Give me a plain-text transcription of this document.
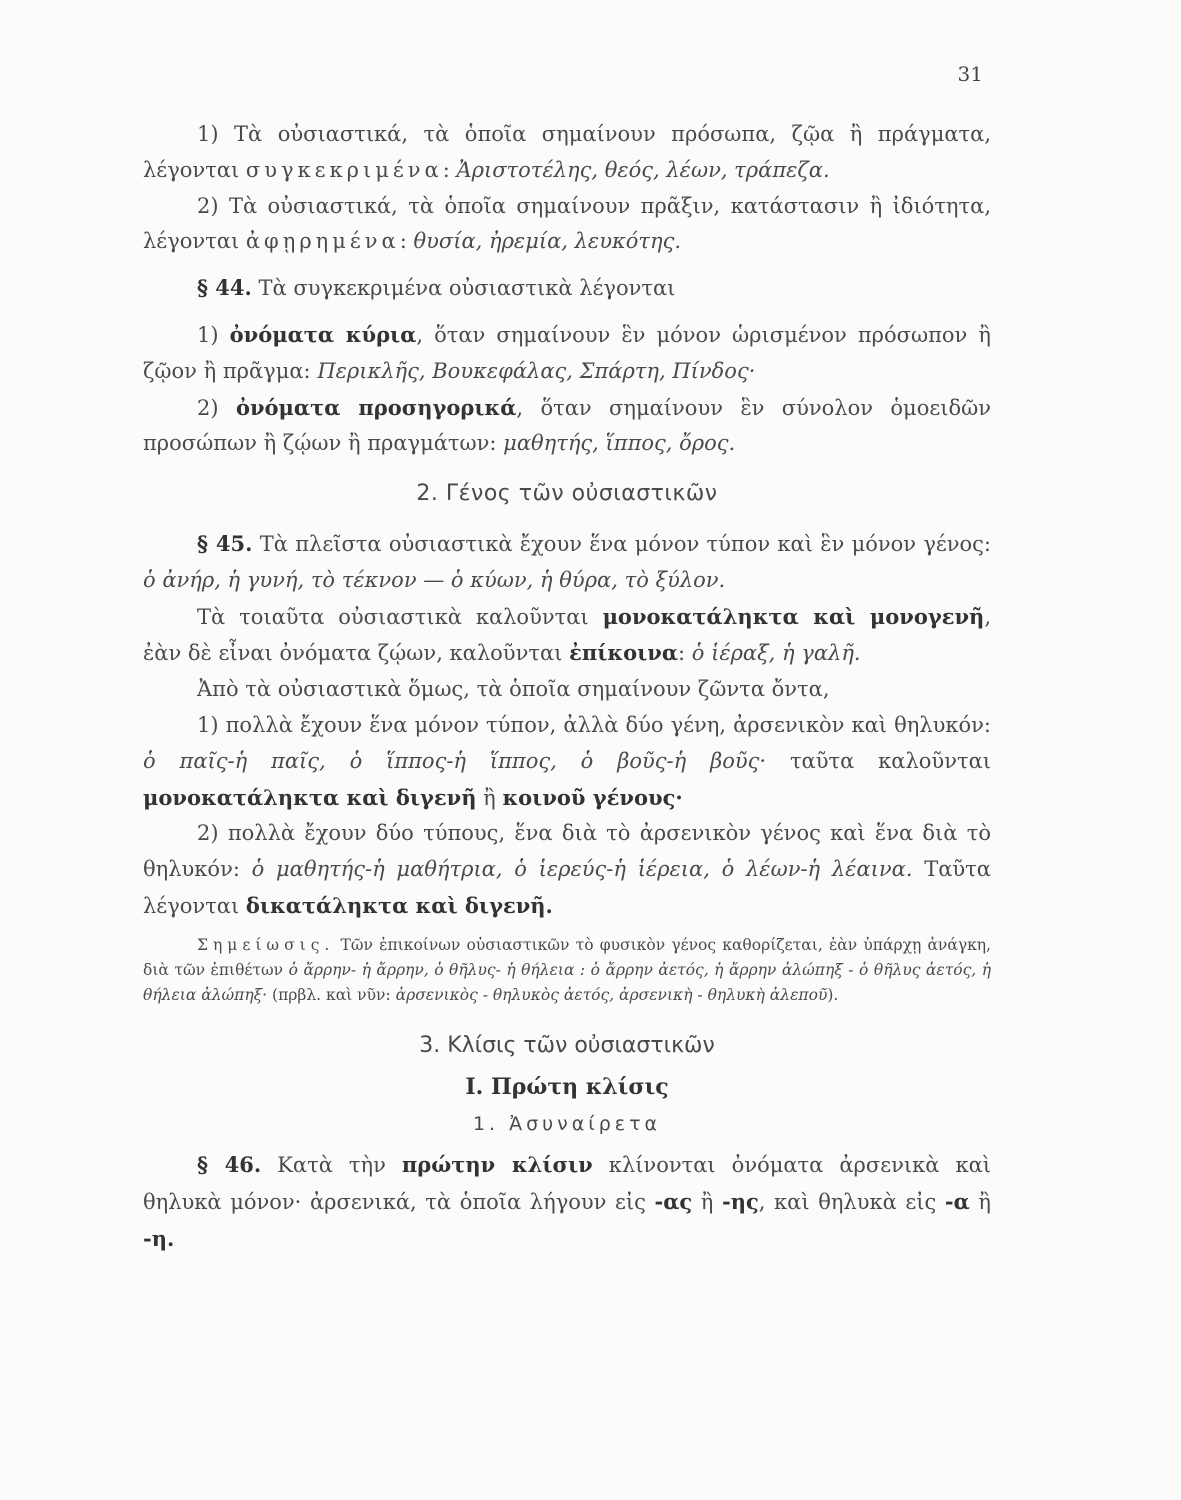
31

1) Τὰ οὐσιαστικά, τὰ ὁποῖα σημαίνουν πρόσωπα, ζῷα ἢ πράγματα, λέγονται συγκεκριμένα: Ἀριστοτέλης, θεός, λέων, τράπεζα.

2) Τὰ οὐσιαστικά, τὰ ὁποῖα σημαίνουν πρᾶξιν, κατάστασιν ἢ ἰδιότητα, λέγονται ἀφῃρημένα: θυσία, ἠρεμία, λευκότης.

§ 44. Τὰ συγκεκριμένα οὐσιαστικὰ λέγονται

1) ὀνόματα κύρια, ὅταν σημαίνουν ἓν μόνον ὡρισμένον πρόσωπον ἢ ζῷον ἢ πρᾶγμα: Περικλῆς, Βουκεφάλας, Σπάρτη, Πίνδος·

2) ὀνόματα προσηγορικά, ὅταν σημαίνουν ἓν σύνολον ὁμοειδῶν προσώπων ἢ ζῴων ἢ πραγμάτων: μαθητής, ἵππος, ὄρος.

2. Γένος τῶν οὐσιαστικῶν

§ 45. Τὰ πλεῖστα οὐσιαστικὰ ἔχουν ἕνα μόνον τύπον καὶ ἓν μόνον γένος: ὁ ἀνήρ, ἡ γυνή, τὸ τέκνον — ὁ κύων, ἡ θύρα, τὸ ξύλον.

Τὰ τοιαῦτα οὐσιαστικὰ καλοῦνται μονοκατάληκτα καὶ μονογενῆ, ἐὰν δὲ εἶναι ὀνόματα ζῴων, καλοῦνται ἐπίκοινα: ὁ ἱέραξ, ἡ γαλῆ.

Ἀπὸ τὰ οὐσιαστικὰ ὅμως, τὰ ὁποῖα σημαίνουν ζῶντα ὄντα,

1) πολλὰ ἔχουν ἕνα μόνον τύπον, ἀλλὰ δύο γένη, ἀρσενικὸν καὶ θηλυκόν: ὁ παῖς-ἡ παῖς, ὁ ἵππος-ἡ ἵππος, ὁ βοῦς-ἡ βοῦς· ταῦτα καλοῦνται μονοκατάληκτα καὶ διγενῆ ἢ κοινοῦ γένους·

2) πολλὰ ἔχουν δύο τύπους, ἕνα διὰ τὸ ἀρσενικὸν γένος καὶ ἕνα διὰ τὸ θηλυκόν: ὁ μαθητής-ἡ μαθήτρια, ὁ ἱερεύς-ἡ ἱέρεια, ὁ λέων-ἡ λέαινα. Ταῦτα λέγονται δικατάληκτα καὶ διγενῆ.

Σημείωσις. Τῶν ἐπικοίνων οὐσιαστικῶν τὸ φυσικὸν γένος καθορίζεται, ἐὰν ὑπάρχῃ ἀνάγκη, διὰ τῶν ἐπιθέτων ὁ ἄρρην- ἡ ἄρρην, ὁ θῆλυς- ἡ θήλεια : ὁ ἄρρην ἀετός, ἡ ἄρρην ἀλώπηξ - ὁ θῆλυς ἀετός, ἡ θήλεια ἀλώπηξ· (πρβλ. καὶ νῦν: ἀρσενικὸς - θηλυκὸς ἀετός, ἀρσενικὴ - θηλυκὴ ἀλεποῦ).

3. Κλίσις τῶν οὐσιαστικῶν
Ι. Πρώτη κλίσις
1. Ἀσυναίρετα

§ 46. Κατὰ τὴν πρώτην κλίσιν κλίνονται ὀνόματα ἀρσενικὰ καὶ θηλυκὰ μόνον· ἀρσενικά, τὰ ὁποῖα λήγουν εἰς -ας ἢ -ης, καὶ θηλυκὰ εἰς -α ἢ -η.
